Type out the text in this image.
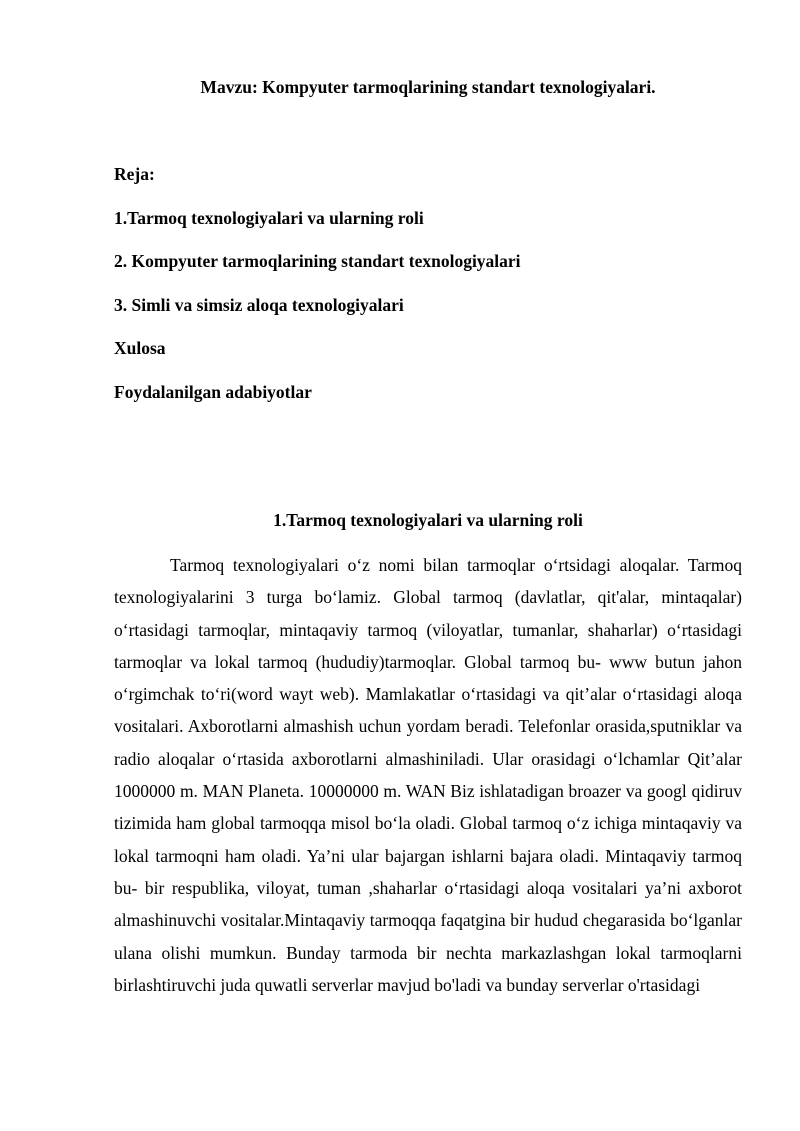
Mavzu: Kompyuter tarmoqlarining standart texnologiyalari.

Reja:

1.Tarmoq texnologiyalari va ularning roli

2. Kompyuter tarmoqlarining standart texnologiyalari

3. Simli va simsiz aloqa texnologiyalari

Xulosa

Foydalanilgan adabiyotlar

1.Tarmoq texnologiyalari va ularning roli

Tarmoq texnologiyalari o‘z nomi bilan tarmoqlar o‘rtsidagi aloqalar. Tarmoq texnologiyalarini 3 turga bo‘lamiz. Global tarmoq (davlatlar, qit'alar, mintaqalar) o‘rtasidagi tarmoqlar, mintaqaviy tarmoq (viloyatlar, tumanlar, shaharlar) o‘rtasidagi tarmoqlar va lokal tarmoq (hududiy)tarmoqlar. Global tarmoq bu- www butun jahon o‘rgimchak to‘ri(word wayt web). Mamlakatlar o‘rtasidagi va qit’alar o‘rtasidagi aloqa vositalari. Axborotlarni almashish uchun yordam beradi. Telefonlar orasida,sputniklar va radio aloqalar o‘rtasida axborotlarni almashiniladi. Ular orasidagi o‘lchamlar Qit’alar 1000000 m. MAN Planeta. 10000000 m. WAN Biz ishlatadigan broazer va googl qidiruv tizimida ham global tarmoqqa misol bo‘la oladi. Global tarmoq o‘z ichiga mintaqaviy va lokal tarmoqni ham oladi. Ya’ni ular bajargan ishlarni bajara oladi. Mintaqaviy tarmoq bu- bir respublika, viloyat, tuman ,shaharlar o‘rtasidagi aloqa vositalari ya’ni axborot almashinuvchi vositalar.Mintaqaviy tarmoqqa faqatgina bir hudud chegarasida bo‘lganlar ulana olishi mumkun. Bunday tarmoda bir nechta markazlashgan lokal tarmoqlarni birlashtiruvchi juda quwatli serverlar mavjud bo'ladi va bunday serverlar o'rtasidagi
